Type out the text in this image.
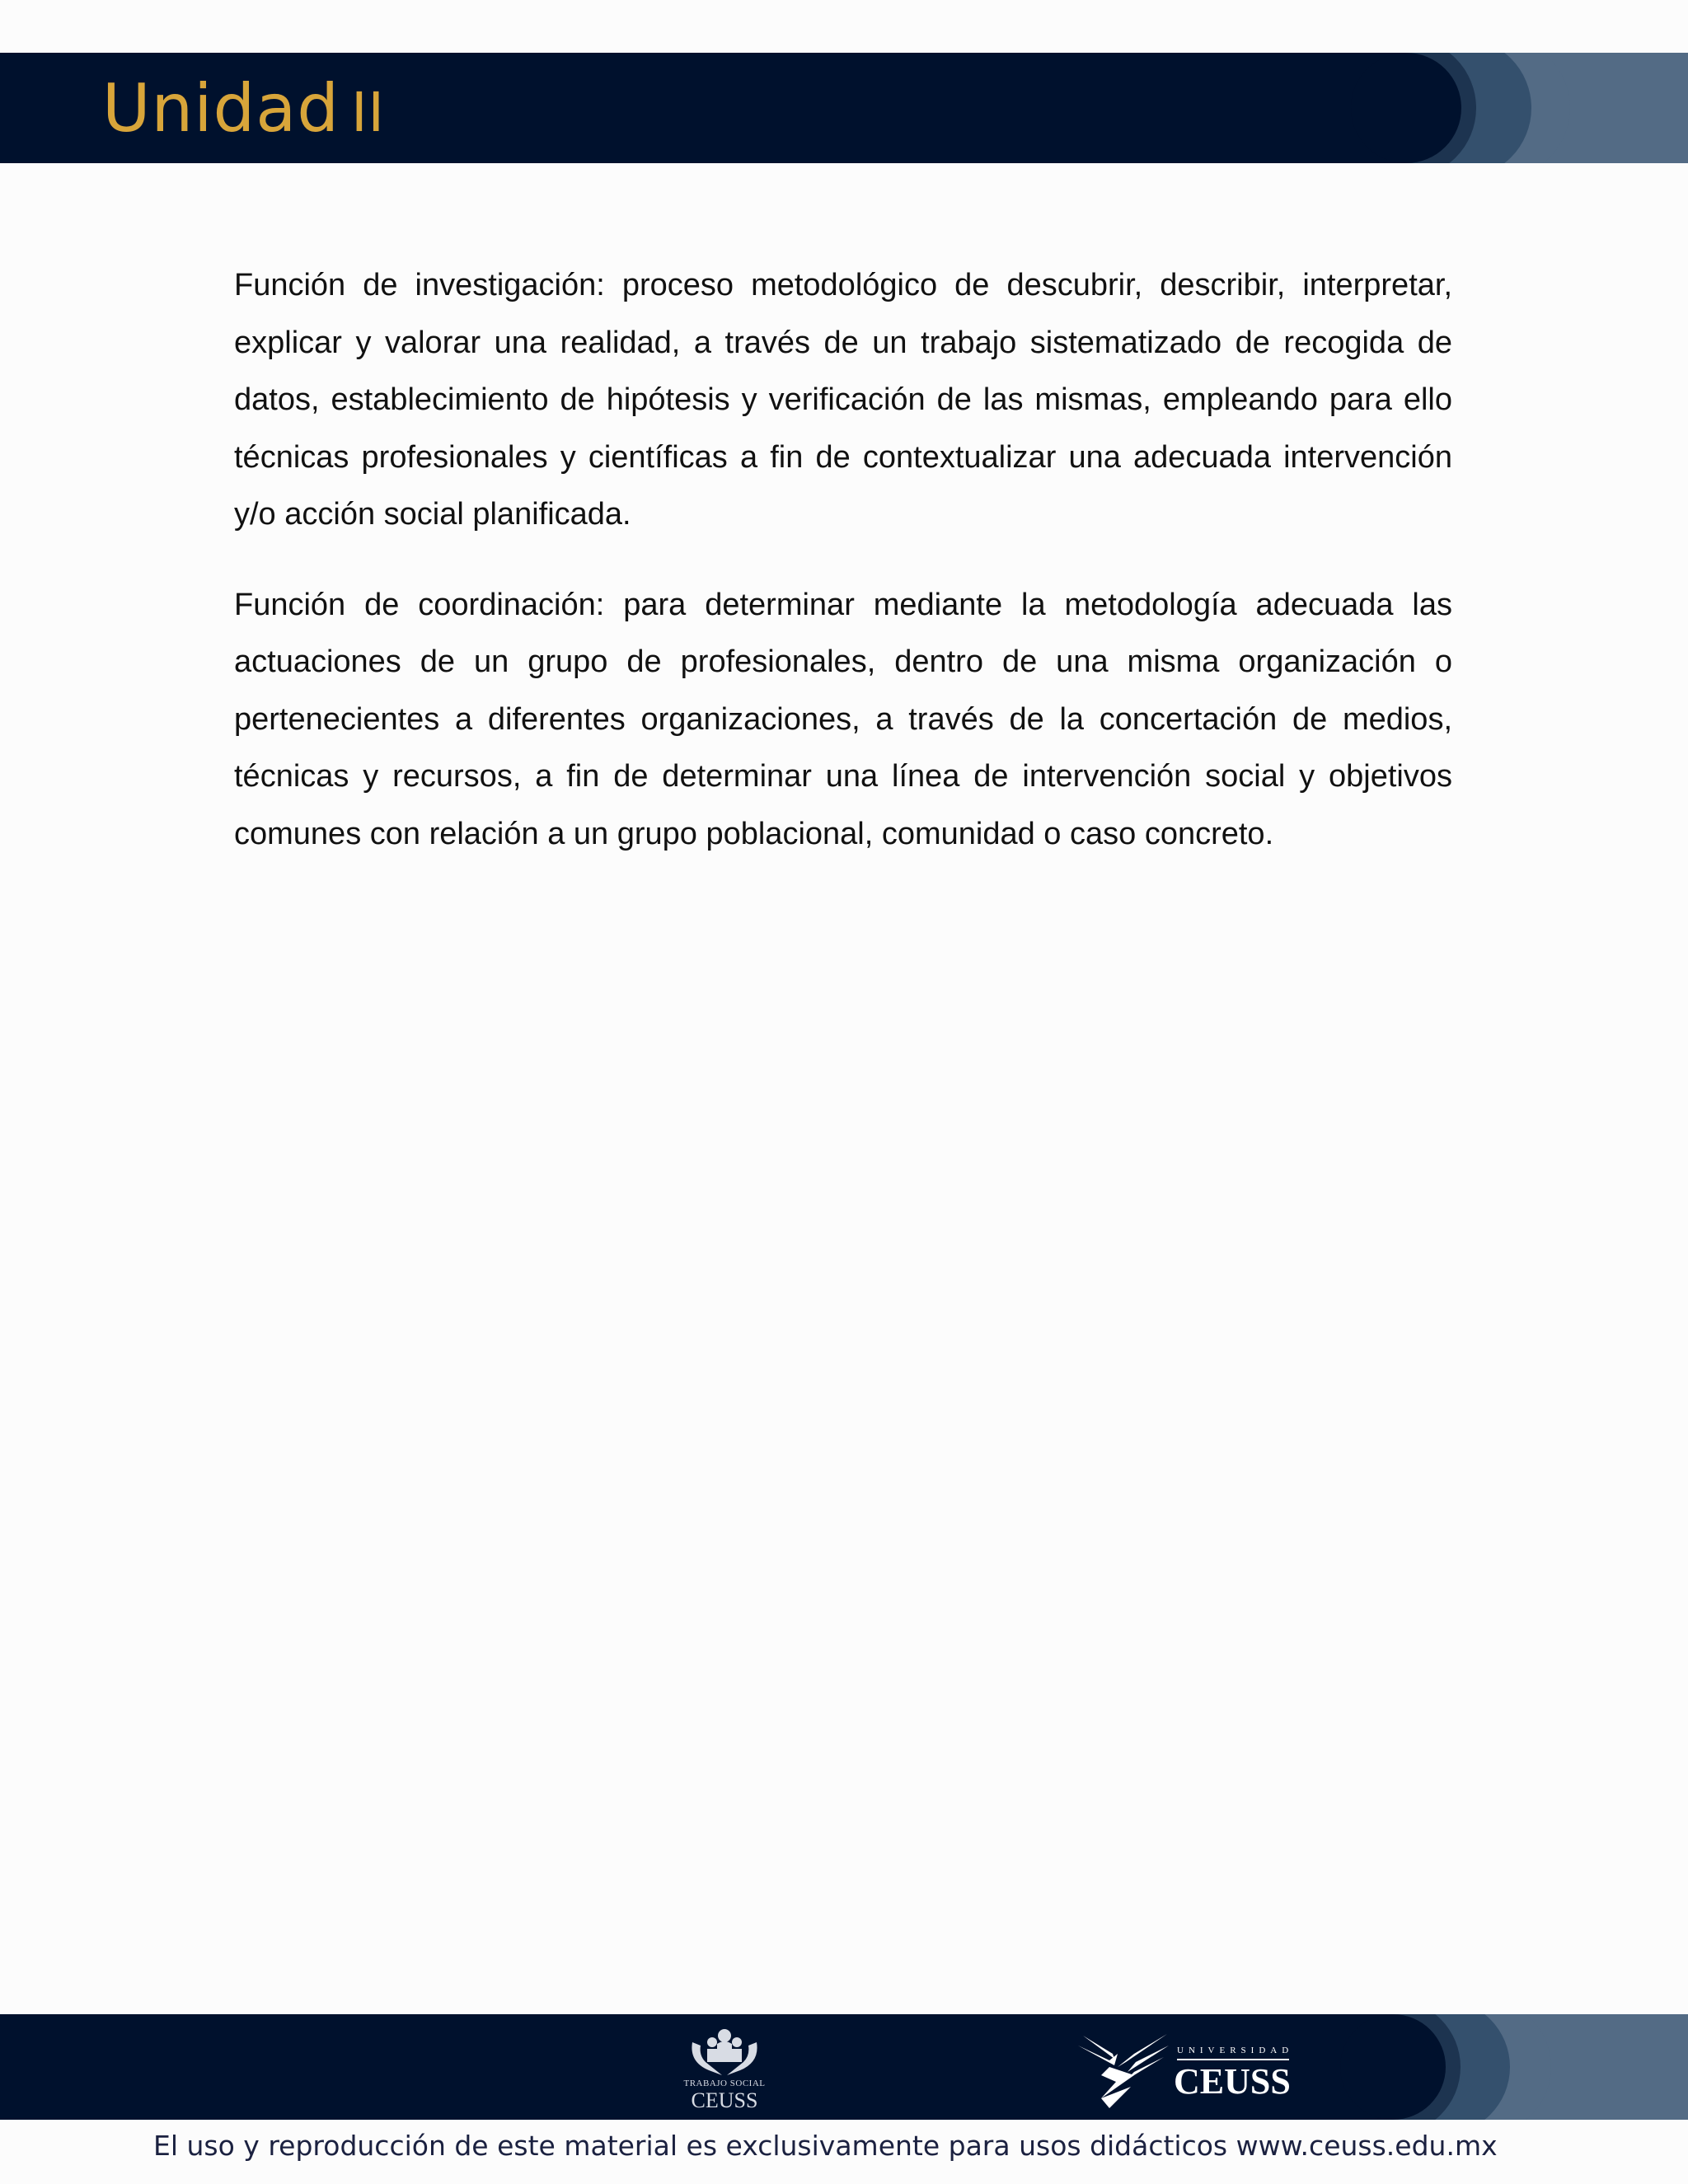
Unidad II

Función de investigación: proceso metodológico de descubrir, describir, interpretar, explicar y valorar una realidad, a través de un trabajo sistematizado de recogida de datos, establecimiento de hipótesis y verificación de las mismas, empleando para ello técnicas profesionales y científicas a fin de contextualizar una adecuada intervención y/o acción social planificada.

Función de coordinación: para determinar mediante la metodología adecuada las actuaciones de un grupo de profesionales, dentro de una misma organización o pertenecientes a diferentes organizaciones, a través de la concertación de medios, técnicas y recursos, a fin de determinar una línea de intervención social y objetivos comunes con relación a un grupo poblacional, comunidad o caso concreto.

TRABAJO SOCIAL
CEUSS
UNIVERSIDAD
CEUSS
El uso y reproducción de este material es exclusivamente para usos didácticos www.ceuss.edu.mx
